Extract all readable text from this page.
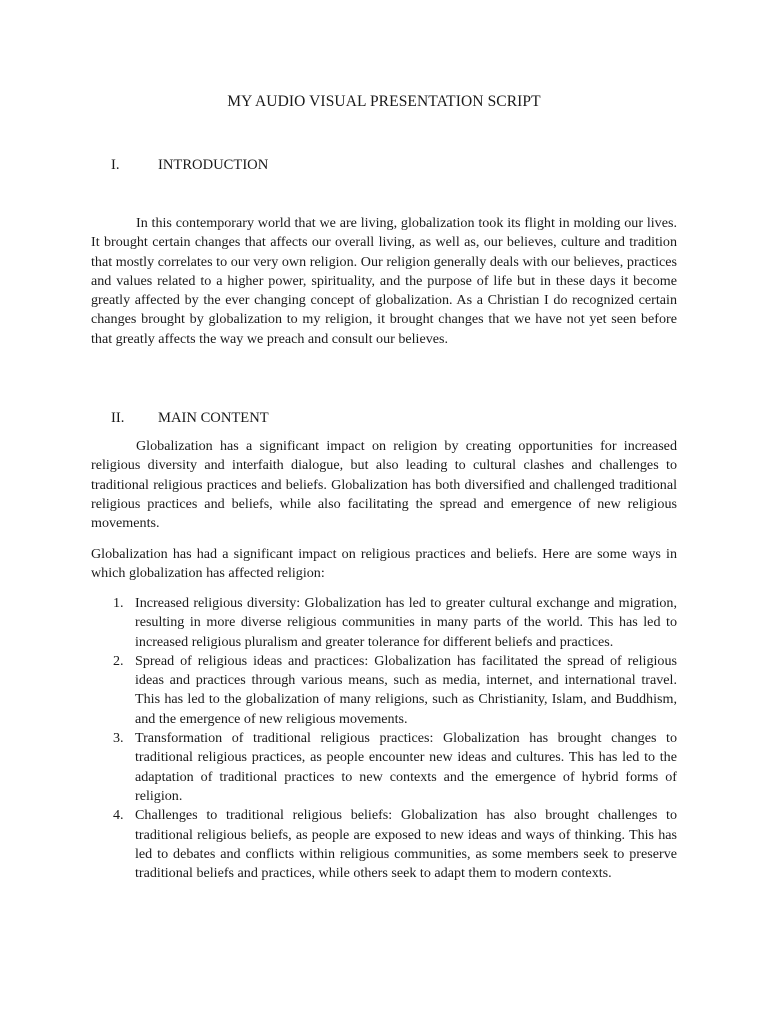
MY AUDIO VISUAL PRESENTATION SCRIPT
I.	INTRODUCTION

In this contemporary world that we are living, globalization took its flight in molding our lives. It brought certain changes that affects our overall living, as well as, our believes, culture and tradition that mostly correlates to our very own religion. Our religion generally deals with our believes, practices and values related to a higher power, spirituality, and the purpose of life but in these days it become greatly affected by the ever changing concept of globalization. As a Christian I do recognized certain changes brought by globalization to my religion, it brought changes that we have not yet seen before that greatly affects the way we preach and consult our believes.

II. MAIN CONTENT

Globalization has a significant impact on religion by creating opportunities for increased religious diversity and interfaith dialogue, but also leading to cultural clashes and challenges to traditional religious practices and beliefs. Globalization has both diversified and challenged traditional religious practices and beliefs, while also facilitating the spread and emergence of new religious movements.

Globalization has had a significant impact on religious practices and beliefs. Here are some ways in which globalization has affected religion:

1. Increased religious diversity: Globalization has led to greater cultural exchange and migration, resulting in more diverse religious communities in many parts of the world. This has led to increased religious pluralism and greater tolerance for different beliefs and practices.
2. Spread of religious ideas and practices: Globalization has facilitated the spread of religious ideas and practices through various means, such as media, internet, and international travel. This has led to the globalization of many religions, such as Christianity, Islam, and Buddhism, and the emergence of new religious movements.
3. Transformation of traditional religious practices: Globalization has brought changes to traditional religious practices, as people encounter new ideas and cultures. This has led to the adaptation of traditional practices to new contexts and the emergence of hybrid forms of religion.
4. Challenges to traditional religious beliefs: Globalization has also brought challenges to traditional religious beliefs, as people are exposed to new ideas and ways of thinking. This has led to debates and conflicts within religious communities, as some members seek to preserve traditional beliefs and practices, while others seek to adapt them to modern contexts.
